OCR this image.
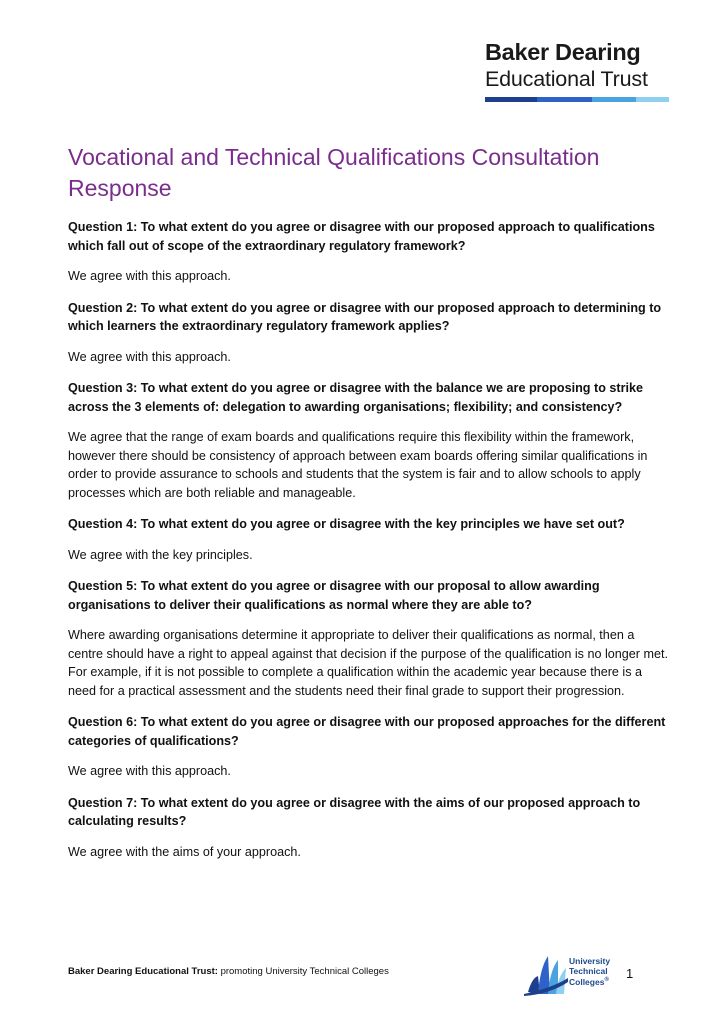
Baker Dearing
Educational Trust
Vocational and Technical Qualifications Consultation Response

Question 1: To what extent do you agree or disagree with our proposed approach to qualifications which fall out of scope of the extraordinary regulatory framework?

We agree with this approach.

Question 2: To what extent do you agree or disagree with our proposed approach to determining to which learners the extraordinary regulatory framework applies?

We agree with this approach.

Question 3: To what extent do you agree or disagree with the balance we are proposing to strike across the 3 elements of: delegation to awarding organisations; flexibility; and consistency?

We agree that the range of exam boards and qualifications require this flexibility within the framework, however there should be consistency of approach between exam boards offering similar qualifications in order to provide assurance to schools and students that the system is fair and to allow schools to apply processes which are both reliable and manageable.

Question 4: To what extent do you agree or disagree with the key principles we have set out?

We agree with the key principles.

Question 5: To what extent do you agree or disagree with our proposal to allow awarding organisations to deliver their qualifications as normal where they are able to?

Where awarding organisations determine it appropriate to deliver their qualifications as normal, then a centre should have a right to appeal against that decision if the purpose of the qualification is no longer met. For example, if it is not possible to complete a qualification within the academic year because there is a need for a practical assessment and the students need their final grade to support their progression.

Question 6: To what extent do you agree or disagree with our proposed approaches for the different categories of qualifications?

We agree with this approach.

Question 7: To what extent do you agree or disagree with the aims of our proposed approach to calculating results?

We agree with the aims of your approach.

Baker Dearing Educational Trust: promoting University Technical Colleges
University
Technical
Colleges® 1
